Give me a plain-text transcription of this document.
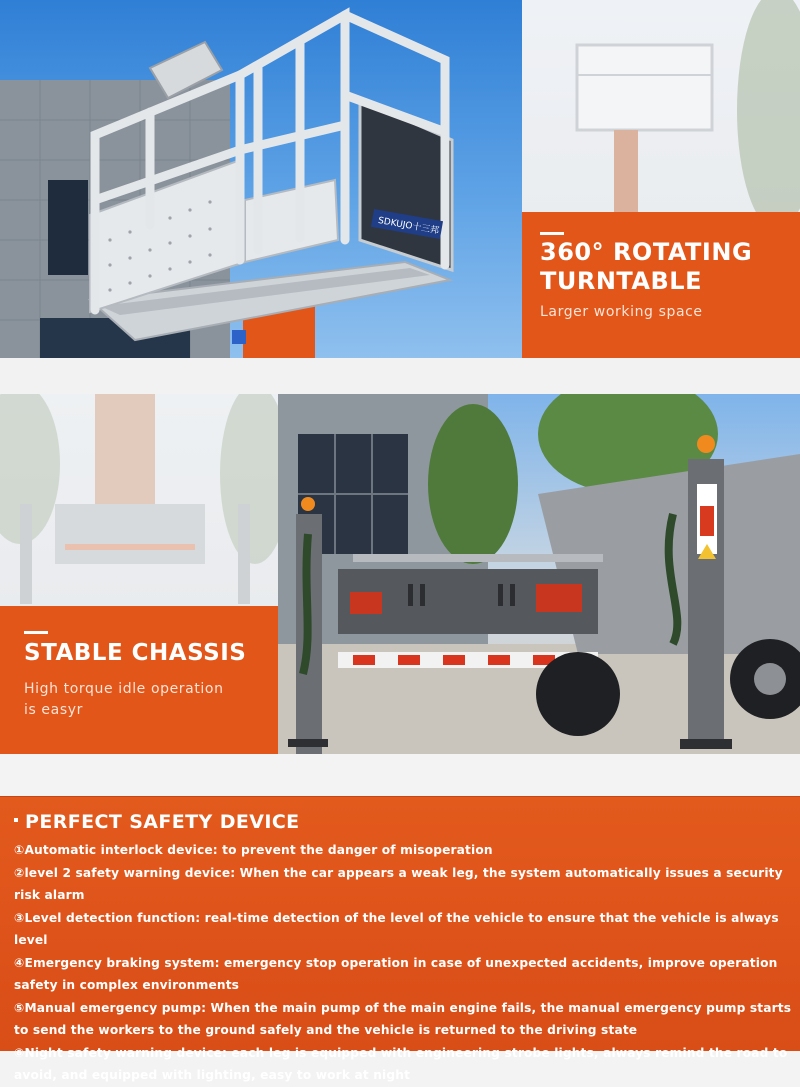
SDKUJO十三邦
360° ROTATING
TURNTABLE

Larger working space

STABLE CHASSIS

High torque idle operation

is easyr

PERFECT SAFETY DEVICE
①Automatic interlock device: to prevent the danger of misoperation
②level 2 safety warning device: When the car appears a weak leg, the system automatically issues a security risk alarm
③Level detection function: real-time detection of the level of the vehicle to ensure that the vehicle is always level
④Emergency braking system: emergency stop operation in case of unexpected accidents, improve operation safety in complex environments
⑤Manual emergency pump: When the main pump of the main engine fails, the manual emergency pump starts to send the workers to the ground safely and the vehicle is returned to the driving state
⑥Night safety warning device: each leg is equipped with engineering strobe lights, always remind the road to avoid, and equipped with lighting, easy to work at night
